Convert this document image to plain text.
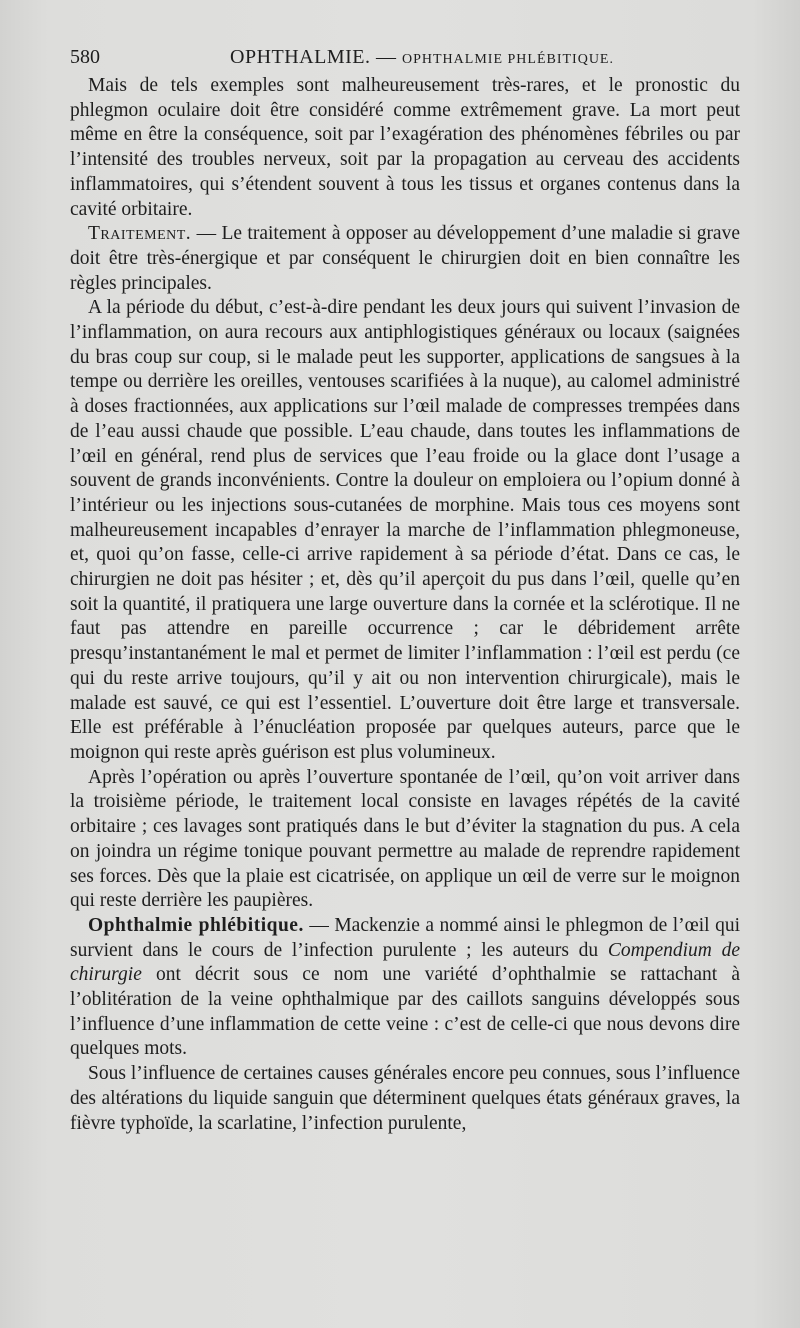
580	OPHTHALMIE. — OPHTHALMIE PHLÉBITIQUE.

Mais de tels exemples sont malheureusement très-rares, et le pronostic du phlegmon oculaire doit être considéré comme extrêmement grave. La mort peut même en être la conséquence, soit par l’exagération des phénomènes fébriles ou par l’intensité des troubles nerveux, soit par la propagation au cerveau des accidents inflammatoires, qui s’étendent souvent à tous les tissus et organes contenus dans la cavité orbitaire.

Traitement. — Le traitement à opposer au développement d’une maladie si grave doit être très-énergique et par conséquent le chirurgien doit en bien connaître les règles principales.

A la période du début, c’est-à-dire pendant les deux jours qui suivent l’invasion de l’inflammation, on aura recours aux antiphlogistiques généraux ou locaux (saignées du bras coup sur coup, si le malade peut les supporter, applications de sangsues à la tempe ou derrière les oreilles, ventouses scarifiées à la nuque), au calomel administré à doses fractionnées, aux applications sur l’œil malade de compresses trempées dans de l’eau aussi chaude que possible. L’eau chaude, dans toutes les inflammations de l’œil en général, rend plus de services que l’eau froide ou la glace dont l’usage a souvent de grands inconvénients. Contre la douleur on emploiera ou l’opium donné à l’intérieur ou les injections sous-cutanées de morphine. Mais tous ces moyens sont malheureusement incapables d’enrayer la marche de l’inflammation phlegmoneuse, et, quoi qu’on fasse, celle-ci arrive rapidement à sa période d’état. Dans ce cas, le chirurgien ne doit pas hésiter ; et, dès qu’il aperçoit du pus dans l’œil, quelle qu’en soit la quantité, il pratiquera une large ouverture dans la cornée et la sclérotique. Il ne faut pas attendre en pareille occurrence ; car le débridement arrête presqu’instantanément le mal et permet de limiter l’inflammation : l’œil est perdu (ce qui du reste arrive toujours, qu’il y ait ou non intervention chirurgicale), mais le malade est sauvé, ce qui est l’essentiel. L’ouverture doit être large et transversale. Elle est préférable à l’énucléation proposée par quelques auteurs, parce que le moignon qui reste après guérison est plus volumineux.

Après l’opération ou après l’ouverture spontanée de l’œil, qu’on voit arriver dans la troisième période, le traitement local consiste en lavages répétés de la cavité orbitaire ; ces lavages sont pratiqués dans le but d’éviter la stagnation du pus. A cela on joindra un régime tonique pouvant permettre au malade de reprendre rapidement ses forces. Dès que la plaie est cicatrisée, on applique un œil de verre sur le moignon qui reste derrière les paupières.

Ophthalmie phlébitique. — Mackenzie a nommé ainsi le phlegmon de l’œil qui survient dans le cours de l’infection purulente ; les auteurs du Compendium de chirurgie ont décrit sous ce nom une variété d’ophthalmie se rattachant à l’oblitération de la veine ophthalmique par des caillots sanguins développés sous l’influence d’une inflammation de cette veine : c’est de celle-ci que nous devons dire quelques mots.

Sous l’influence de certaines causes générales encore peu connues, sous l’influence des altérations du liquide sanguin que déterminent quelques états généraux graves, la fièvre typhoïde, la scarlatine, l’infection purulente,
